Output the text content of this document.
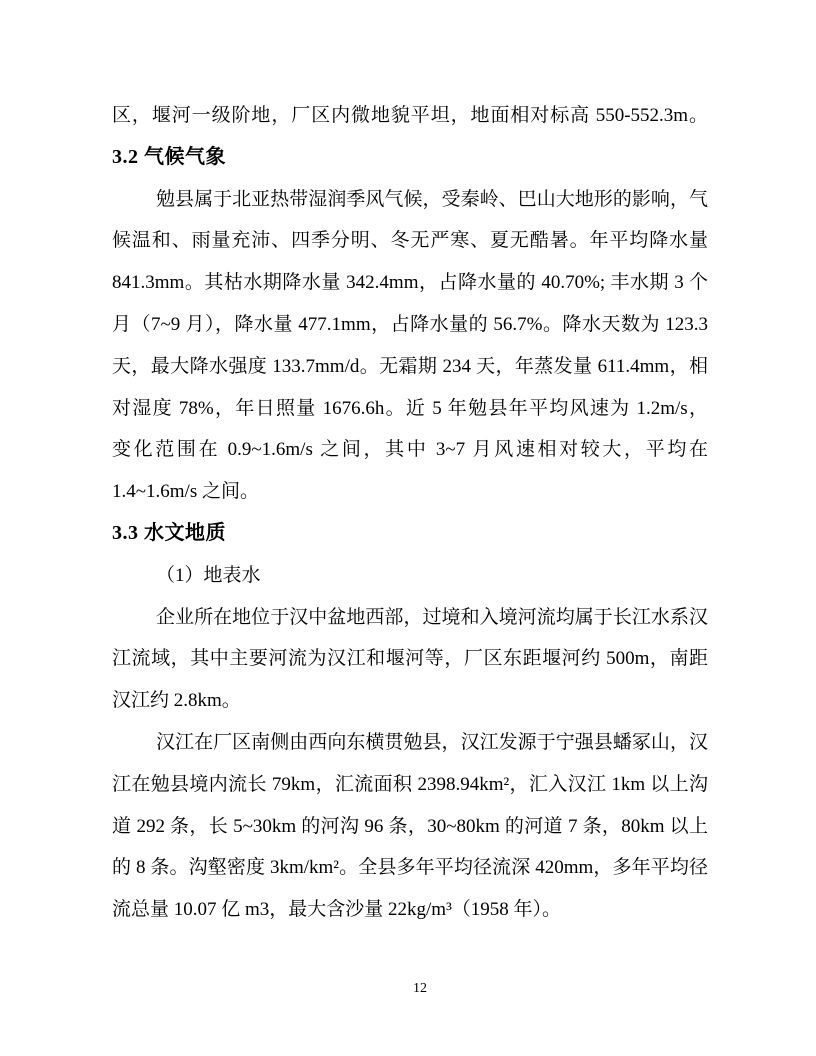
区，堰河一级阶地，厂区内微地貌平坦，地面相对标高 550-552.3m。
3.2 气候气象
勉县属于北亚热带湿润季风气候，受秦岭、巴山大地形的影响，气
候温和、雨量充沛、四季分明、冬无严寒、夏无酷暑。年平均降水量
841.3mm。其枯水期降水量 342.4mm，占降水量的 40.70%; 丰水期 3 个
月（7~9 月），降水量 477.1mm，占降水量的 56.7%。降水天数为 123.3
天，最大降水强度 133.7mm/d。无霜期 234 天，年蒸发量 611.4mm，相
对湿度 78%，年日照量 1676.6h。近 5 年勉县年平均风速为 1.2m/s，
变化范围在 0.9~1.6m/s 之间，其中 3~7 月风速相对较大，平均在
1.4~1.6m/s 之间。
3.3 水文地质
（1）地表水
企业所在地位于汉中盆地西部，过境和入境河流均属于长江水系汉
江流域，其中主要河流为汉江和堰河等，厂区东距堰河约 500m，南距
汉江约 2.8km。
汉江在厂区南侧由西向东横贯勉县，汉江发源于宁强县蟠冢山，汉
江在勉县境内流长 79km，汇流面积 2398.94km²，汇入汉江 1km 以上沟
道 292 条，长 5~30km 的河沟 96 条，30~80km 的河道 7 条，80km 以上
的 8 条。沟壑密度 3km/km²。全县多年平均径流深 420mm，多年平均径
流总量 10.07 亿 m3，最大含沙量 22kg/m³（1958 年）。
12
